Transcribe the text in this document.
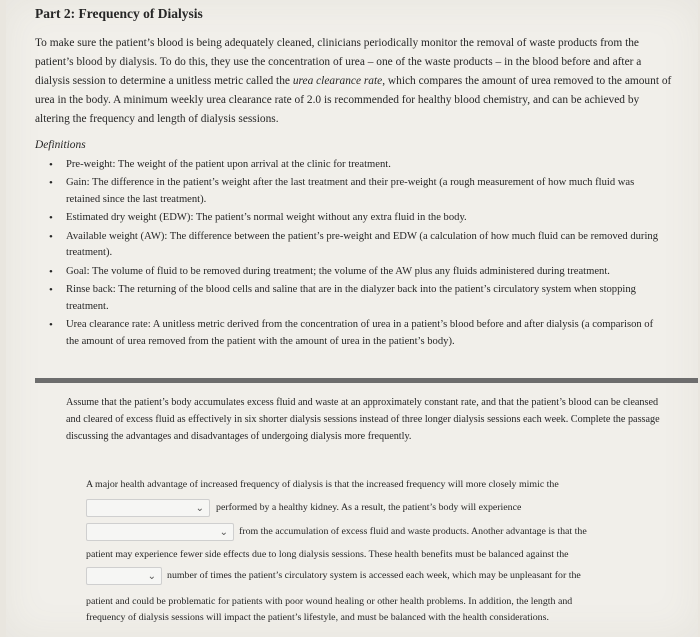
Part 2: Frequency of Dialysis

To make sure the patient’s blood is being adequately cleaned, clinicians periodically monitor the removal of waste products from the patient’s blood by dialysis. To do this, they use the concentration of urea – one of the waste products – in the blood before and after a dialysis session to determine a unitless metric called the urea clearance rate, which compares the amount of urea removed to the amount of urea in the body. A minimum weekly urea clearance rate of 2.0 is recommended for healthy blood chemistry, and can be achieved by altering the frequency and length of dialysis sessions.

Definitions

• Pre-weight: The weight of the patient upon arrival at the clinic for treatment.
• Gain: The difference in the patient’s weight after the last treatment and their pre-weight (a rough measurement of how much fluid was retained since the last treatment).
• Estimated dry weight (EDW): The patient’s normal weight without any extra fluid in the body.
• Available weight (AW): The difference between the patient’s pre-weight and EDW (a calculation of how much fluid can be removed during treatment).
• Goal: The volume of fluid to be removed during treatment; the volume of the AW plus any fluids administered during treatment.
• Rinse back: The returning of the blood cells and saline that are in the dialyzer back into the patient’s circulatory system when stopping treatment.
• Urea clearance rate: A unitless metric derived from the concentration of urea in a patient’s blood before and after dialysis (a comparison of the amount of urea removed from the patient with the amount of urea in the patient’s body).

Assume that the patient’s body accumulates excess fluid and waste at an approximately constant rate, and that the patient’s blood can be cleansed and cleared of excess fluid as effectively in six shorter dialysis sessions instead of three longer dialysis sessions each week. Complete the passage discussing the advantages and disadvantages of undergoing dialysis more frequently.

A major health advantage of increased frequency of dialysis is that the increased frequency will more closely mimic the
⌄ performed by a healthy kidney. As a result, the patient’s body will experience
⌄ from the accumulation of excess fluid and waste products. Another advantage is that the
patient may experience fewer side effects due to long dialysis sessions. These health benefits must be balanced against the
⌄ number of times the patient’s circulatory system is accessed each week, which may be unpleasant for the
patient and could be problematic for patients with poor wound healing or other health problems. In addition, the length and
frequency of dialysis sessions will impact the patient’s lifestyle, and must be balanced with the health considerations.
